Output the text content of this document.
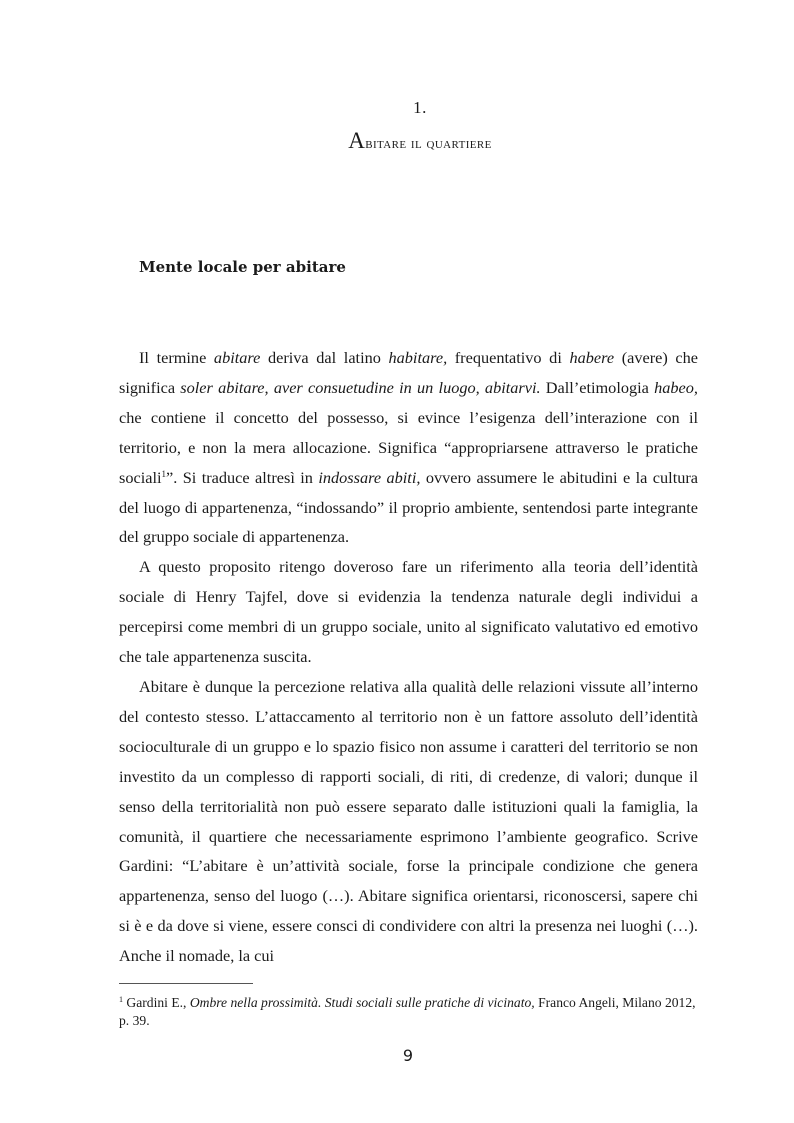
1.
Abitare il quartiere
Mente locale per abitare

Il termine abitare deriva dal latino habitare, frequentativo di habere (avere) che significa soler abitare, aver consuetudine in un luogo, abitarvi. Dall’etimologia habeo, che contiene il concetto del possesso, si evince l’esigenza dell’interazione con il territorio, e non la mera allocazione. Significa “appropriarsene attraverso le pratiche sociali$^1$”. Si traduce altresì in indossare abiti, ovvero assumere le abitudini e la cultura del luogo di appartenenza, “indossando” il proprio ambiente, sentendosi parte integrante del gruppo sociale di appartenenza.

A questo proposito ritengo doveroso fare un riferimento alla teoria dell’identità sociale di Henry Tajfel, dove si evidenzia la tendenza naturale degli individui a percepirsi come membri di un gruppo sociale, unito al significato valutativo ed emotivo che tale appartenenza suscita.

Abitare è dunque la percezione relativa alla qualità delle relazioni vissute all’interno del contesto stesso. L’attaccamento al territorio non è un fattore assoluto dell’identità socioculturale di un gruppo e lo spazio fisico non assume i caratteri del territorio se non investito da un complesso di rapporti sociali, di riti, di credenze, di valori; dunque il senso della territorialità non può essere separato dalle istituzioni quali la famiglia, la comunità, il quartiere che necessariamente esprimono l’ambiente geografico. Scrive Gardini: “L’abitare è un’attività sociale, forse la principale condizione che genera appartenenza, senso del luogo (…). Abitare significa orientarsi, riconoscersi, sapere chi si è e da dove si viene, essere consci di condividere con altri la presenza nei luoghi (…). Anche il nomade, la cui

$^1$ Gardini E., Ombre nella prossimità. Studi sociali sulle pratiche di vicinato, Franco Angeli, Milano 2012, p. 39.
9
